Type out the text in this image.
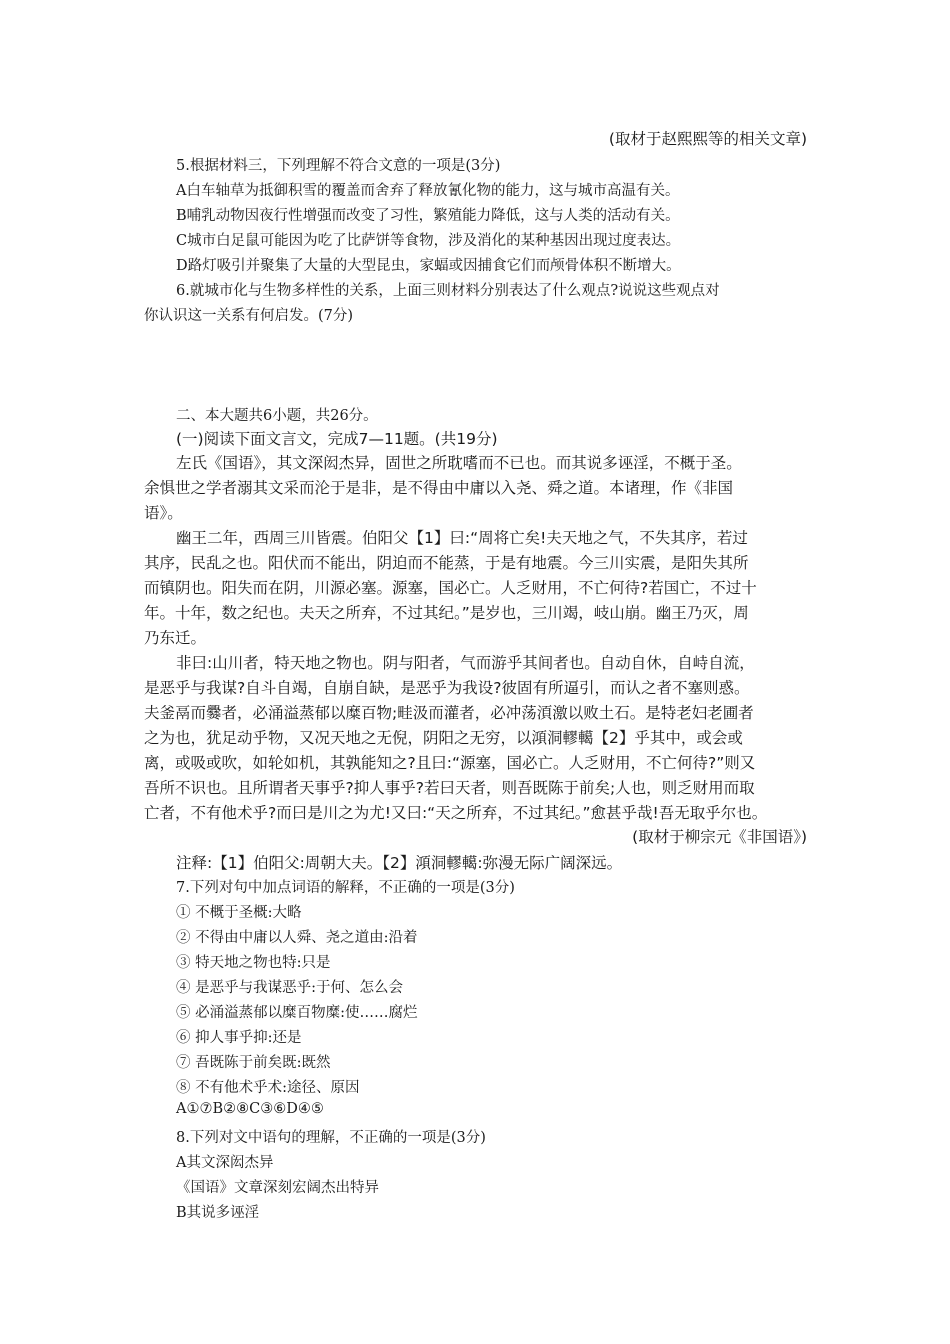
(取材于赵熙熙等的相关文章)
5.根据材料三，下列理解不符合文意的一项是(3分)
A白车轴草为抵御积雪的覆盖而舍弃了释放氰化物的能力，这与城市高温有关。
B哺乳动物因夜行性增强而改变了习性，繁殖能力降低，这与人类的活动有关。
C城市白足鼠可能因为吃了比萨饼等食物，涉及消化的某种基因出现过度表达。
D路灯吸引并聚集了大量的大型昆虫，家蝠或因捕食它们而颅骨体积不断增大。
6.就城市化与生物多样性的关系，上面三则材料分别表达了什么观点?说说这些观点对
你认识这一关系有何启发。(7分)
二、本大题共6小题，共26分。
(一)阅读下面文言文，完成7—11题。(共19分)
左氏《国语》，其文深闳杰异，固世之所耽嗜而不已也。而其说多诬淫，不概于圣。
余惧世之学者溺其文采而沦于是非，是不得由中庸以入尧、舜之道。本诸理，作《非国
语》。
幽王二年，西周三川皆震。伯阳父【1】曰:“周将亡矣!夫天地之气，不失其序，若过
其序，民乱之也。阳伏而不能出，阴迫而不能蒸，于是有地震。今三川实震，是阳失其所
而镇阴也。阳失而在阴，川源必塞。源塞，国必亡。人乏财用，不亡何待?若国亡，不过十
年。十年，数之纪也。夫天之所弃，不过其纪。”是岁也，三川竭，岐山崩。幽王乃灭，周
乃东迁。
非曰:山川者，特天地之物也。阴与阳者，气而游乎其间者也。自动自休，自峙自流，
是恶乎与我谋?自斗自竭，自崩自缺，是恶乎为我设?彼固有所逼引，而认之者不塞则惑。
夫釜鬲而爨者，必涌溢蒸郁以糜百物;畦汲而灌者，必冲荡湏激以败土石。是特老妇老圃者
之为也，犹足动乎物，又况天地之无倪，阴阳之无穷，以澒洞轇轕【2】乎其中，或会或
离，或吸或吹，如轮如机，其孰能知之?且曰:“源塞，国必亡。人乏财用，不亡何待?”则又
吾所不识也。且所谓者天事乎?抑人事乎?若曰天者，则吾既陈于前矣;人也，则乏财用而取
亡者，不有他术乎?而曰是川之为尤!又曰:“天之所弃，不过其纪。”愈甚乎哉!吾无取乎尔也。
(取材于柳宗元《非国语》)
注释:【1】伯阳父:周朝大夫。【2】澒洞轇轕:弥漫无际广阔深远。
7.下列对句中加点词语的解释，不正确的一项是(3分)
① 不概于圣概:大略
② 不得由中庸以人舜、尧之道由:沿着
③ 特天地之物也特:只是
④ 是恶乎与我谋恶乎:于何、怎么会
⑤ 必涌溢蒸郁以糜百物糜:使……腐烂
⑥ 抑人事乎抑:还是
⑦ 吾既陈于前矣既:既然
⑧ 不有他术乎术:途径、原因
A①⑦B②⑧C③⑥D④⑤
8.下列对文中语句的理解，不正确的一项是(3分)
A其文深闳杰异
《国语》文章深刻宏阔杰出特异
B其说多诬淫
